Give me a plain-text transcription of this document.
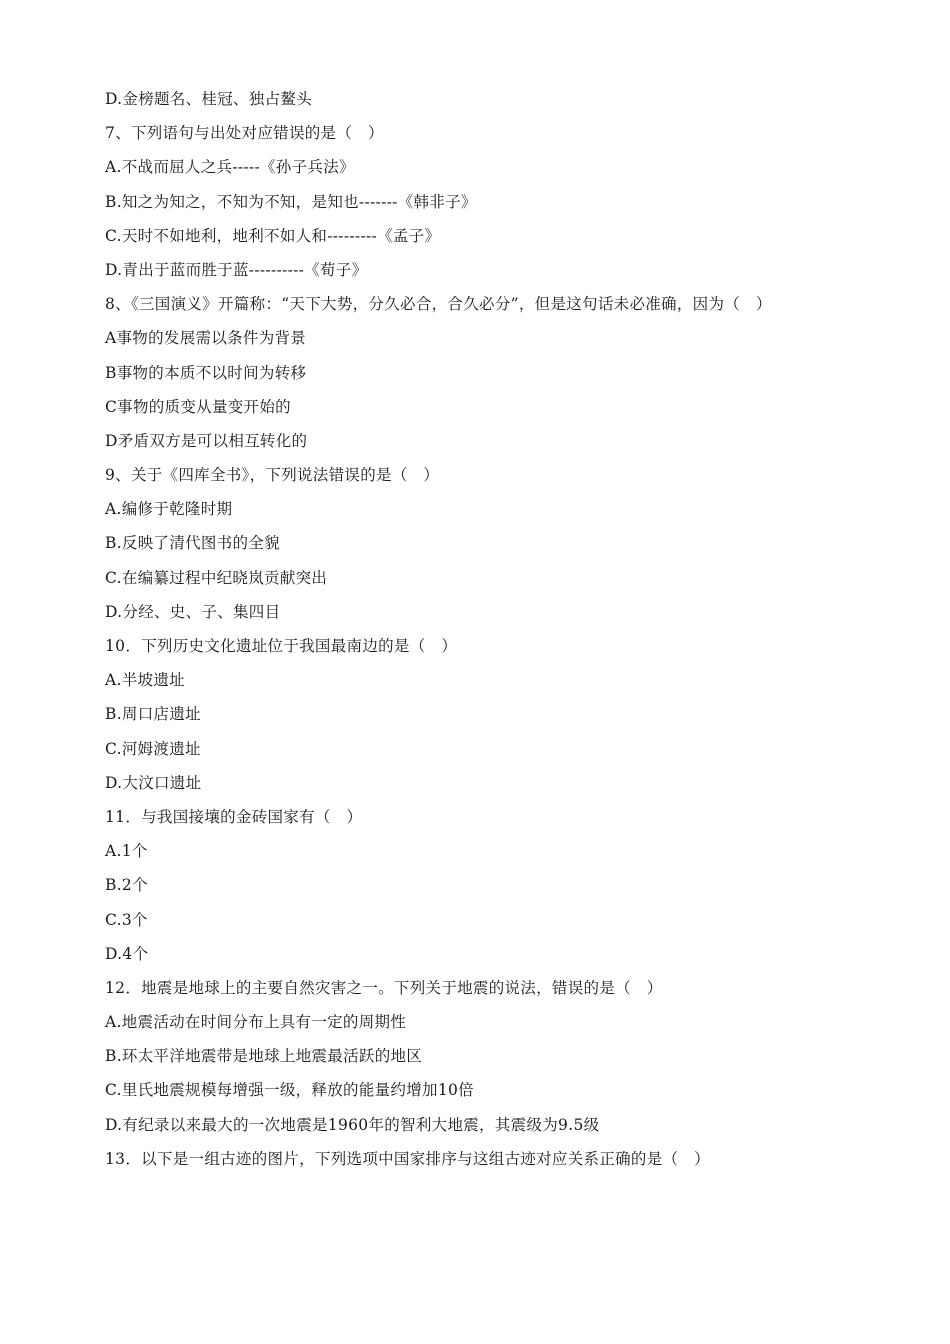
D.金榜题名、桂冠、独占鳌头
7、下列语句与出处对应错误的是（　）
A.不战而屈人之兵-----《孙子兵法》
B.知之为知之，不知为不知，是知也-------《韩非子》
C.天时不如地利，地利不如人和---------《孟子》
D.青出于蓝而胜于蓝----------《荀子》
8、《三国演义》开篇称：“天下大势，分久必合，合久必分”，但是这句话未必准确，因为（　）
A事物的发展需以条件为背景
B事物的本质不以时间为转移
C事物的质变从量变开始的
D矛盾双方是可以相互转化的
9、关于《四库全书》，下列说法错误的是（　）
A.编修于乾隆时期
B.反映了清代图书的全貌
C.在编纂过程中纪晓岚贡献突出
D.分经、史、子、集四目
10．下列历史文化遗址位于我国最南边的是（　）
A.半坡遗址
B.周口店遗址
C.河姆渡遗址
D.大汶口遗址
11．与我国接壤的金砖国家有（　）
A.1个
B.2个
C.3个
D.4个
12．地震是地球上的主要自然灾害之一。下列关于地震的说法，错误的是（　）
A.地震活动在时间分布上具有一定的周期性
B.环太平洋地震带是地球上地震最活跃的地区
C.里氏地震规模每增强一级，释放的能量约增加10倍
D.有纪录以来最大的一次地震是1960年的智利大地震，其震级为9.5级
13．以下是一组古迹的图片，下列选项中国家排序与这组古迹对应关系正确的是（　）
